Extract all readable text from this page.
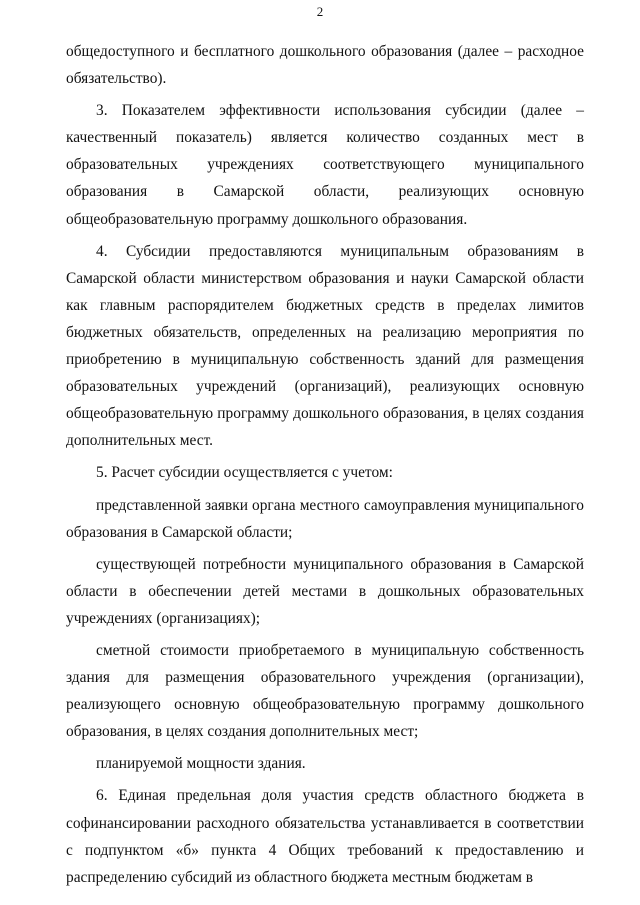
2

общедоступного и бесплатного дошкольного образования (далее – расходное обязательство).

3. Показателем эффективности использования субсидии (далее – качественный показатель) является количество созданных мест в образовательных учреждениях соответствующего муниципального образования в Самарской области, реализующих основную общеобразовательную программу дошкольного образования.

4. Субсидии предоставляются муниципальным образованиям в Самарской области министерством образования и науки Самарской области как главным распорядителем бюджетных средств в пределах лимитов бюджетных обязательств, определенных на реализацию мероприятия по приобретению в муниципальную собственность зданий для размещения образовательных учреждений (организаций), реализующих основную общеобразовательную программу дошкольного образования, в целях создания дополнительных мест.

5. Расчет субсидии осуществляется с учетом:

представленной заявки органа местного самоуправления муниципального образования в Самарской области;

существующей потребности муниципального образования в Самарской области в обеспечении детей местами в дошкольных образовательных учреждениях (организациях);

сметной стоимости приобретаемого в муниципальную собственность здания для размещения образовательного учреждения (организации), реализующего основную общеобразовательную программу дошкольного образования, в целях создания дополнительных мест;

планируемой мощности здания.

6. Единая предельная доля участия средств областного бюджета в софинансировании расходного обязательства устанавливается в соответствии с подпунктом «б» пункта 4 Общих требований к предоставлению и распределению субсидий из областного бюджета местным бюджетам в
